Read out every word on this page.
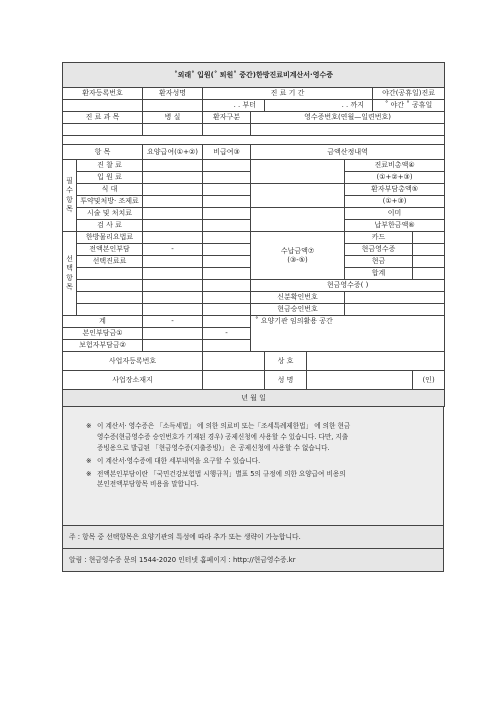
˚외래˚ 입원(˚ 퇴원˚ 중간)한방진료비계산서·영수증									
환자등록번호		환자성명	진 료 기 간					야간(공휴일)진료	
			. . 부터		. . 까지			˚ 야간 ˚ 공휴일	
진 료 과 목		병 실	환자구분	영수증번호(연월—일련번호)					

항 목		요양급여(①+②)	비급여③	금액산정내역					
필수항목	진 찰 료						진료비총액④		
	입 원 료						(①+②+③)		
	식 대						환자부담총액⑤		
	투약및처방· 조제료						(①+③)		
	시술 및 처치료						이미		
	검 사 료						납부한금액⑥		
선택항목	한방물리요법료			수납금액⑦
(③-⑤)			카드		
	전액본인부담	-					현금영수증		
	선택진료료						현금		
							합계		
				현금영수증( )					
				신분확인번호					
				현금승인번호					
계		-		˚ 요양기관 임의활용 공간					
본인부담금①			-						
보험자부담금②									
사업자등록번호					상 호				
사업장소재지					성 명				(인)
년 월 일									
※ 이 계산서· 영수증은 「소득세법」 에 의한 의료비 또는「조세특례제한법」 에 의한 현금
영수증(현금영수증 승인번호가 기재된 경우) 공제신청에 사용할 수 있습니다. 다만, 지출
증빙용으로 발급된 「현금영수증(지출증빙)」 은 공제신청에 사용할 수 없습니다.
※ 이 계산서·영수증에 대한 세부내역을 요구할 수 있습니다.
※ 전액본인부담이란 「국민건강보험법 시행규칙」별표 5의 규정에 의한 요양급여 비용의
본인전액부담항목 비용을 말합니다.
주 : 항목 중 선택항목은 요양기관의 특성에 따라 추가 또는 생략이 가능합니다.
알림 : 현금영수증 문의 1544-2020 인터넷 홈페이지 : http://현금영수증.kr
